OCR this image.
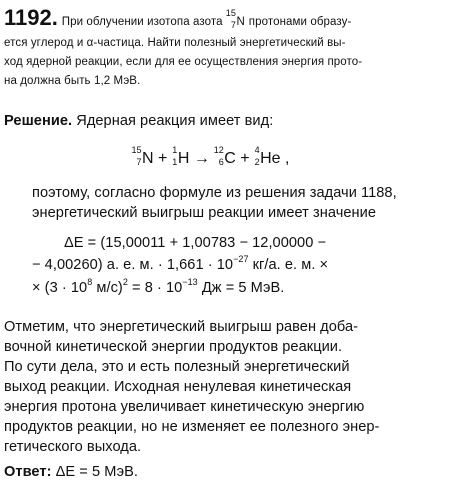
1192. При облучении изотопа азота
15
7 N протонами образу-
ется углерод и α-частица. Найти полезный энергетический вы-
ход ядерной реакции, если для ее осуществления энергия прото-
на должна быть 1,2 МэВ.
Решение. Ядерная реакция имеет вид:
15
7 N + 1
1 H → 12
6 C + 4
2 He ,
поэтому, согласно формуле из решения задачи 1188,
энергетический выигрыш реакции имеет значение
ΔE = (15,00011 + 1,00783 − 12,00000 −
− 4,00260) а. е. м. · $1,661 \cdot 10^{-27}$ кг/а. е. м. ×
× ($3 \cdot 10^8$ $м/с)^2 = 8 \cdot 10^{-13}$ Дж = 5 МэВ.
Отметим, что энергетический выигрыш равен доба-
вочной кинетической энергии продуктов реакции.
По сути дела, это и есть полезный энергетический
выход реакции. Исходная ненулевая кинетическая
энергия протона увеличивает кинетическую энергию
продуктов реакции, но не изменяет ее полезного энер-
гетического выхода.
Ответ: ΔE = 5 МэВ.
